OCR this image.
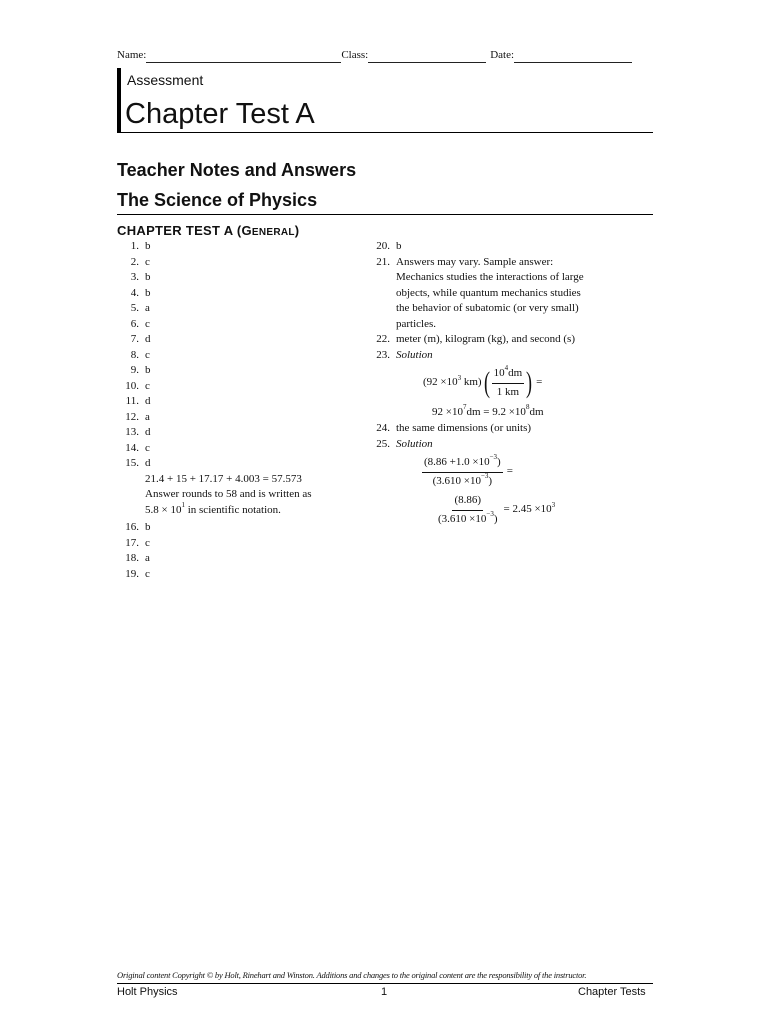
Name:	Class:	Date:
Assessment
Chapter Test A
Teacher Notes and Answers
The Science of Physics
CHAPTER TEST A (GENERAL)
1. b
2. c
3. b
4. b
5. a
6. c
7. d
8. c
9. b
10. c
11. d
12. a
13. d
14. c
15. d
21.4 + 15 + 17.17 + 4.003 = 57.573
Answer rounds to 58 and is written as
$5.8 \times 10^1$ in scientific notation.
16. b
17. c
18. a
19. c
20. b
21. Answers may vary. Sample answer:
Mechanics studies the interactions of large
objects, while quantum mechanics studies
the behavior of subatomic (or very small)
particles.
22. meter (m), kilogram (kg), and second (s)
23. Solution
($92 \times 10^3$ km) ( $\frac{10^4dm}{1 km}$ ) =
$92 \times 10^7dm = 9.2 \times 10^8dm$
24. the same dimensions (or units)
25. Solution
$\frac{(8.86 +1.0 \times 10^{-3})}{(3.610 \times 10^{-3})}$ =
$\frac{(8.86)}{(3.610 \times 10^{-3})} = 2.45 \times 10^3$
Original content Copyright © by Holt, Rinehart and Winston. Additions and changes to the original content are the responsibility of the instructor.
Holt Physics	1	Chapter Tests
